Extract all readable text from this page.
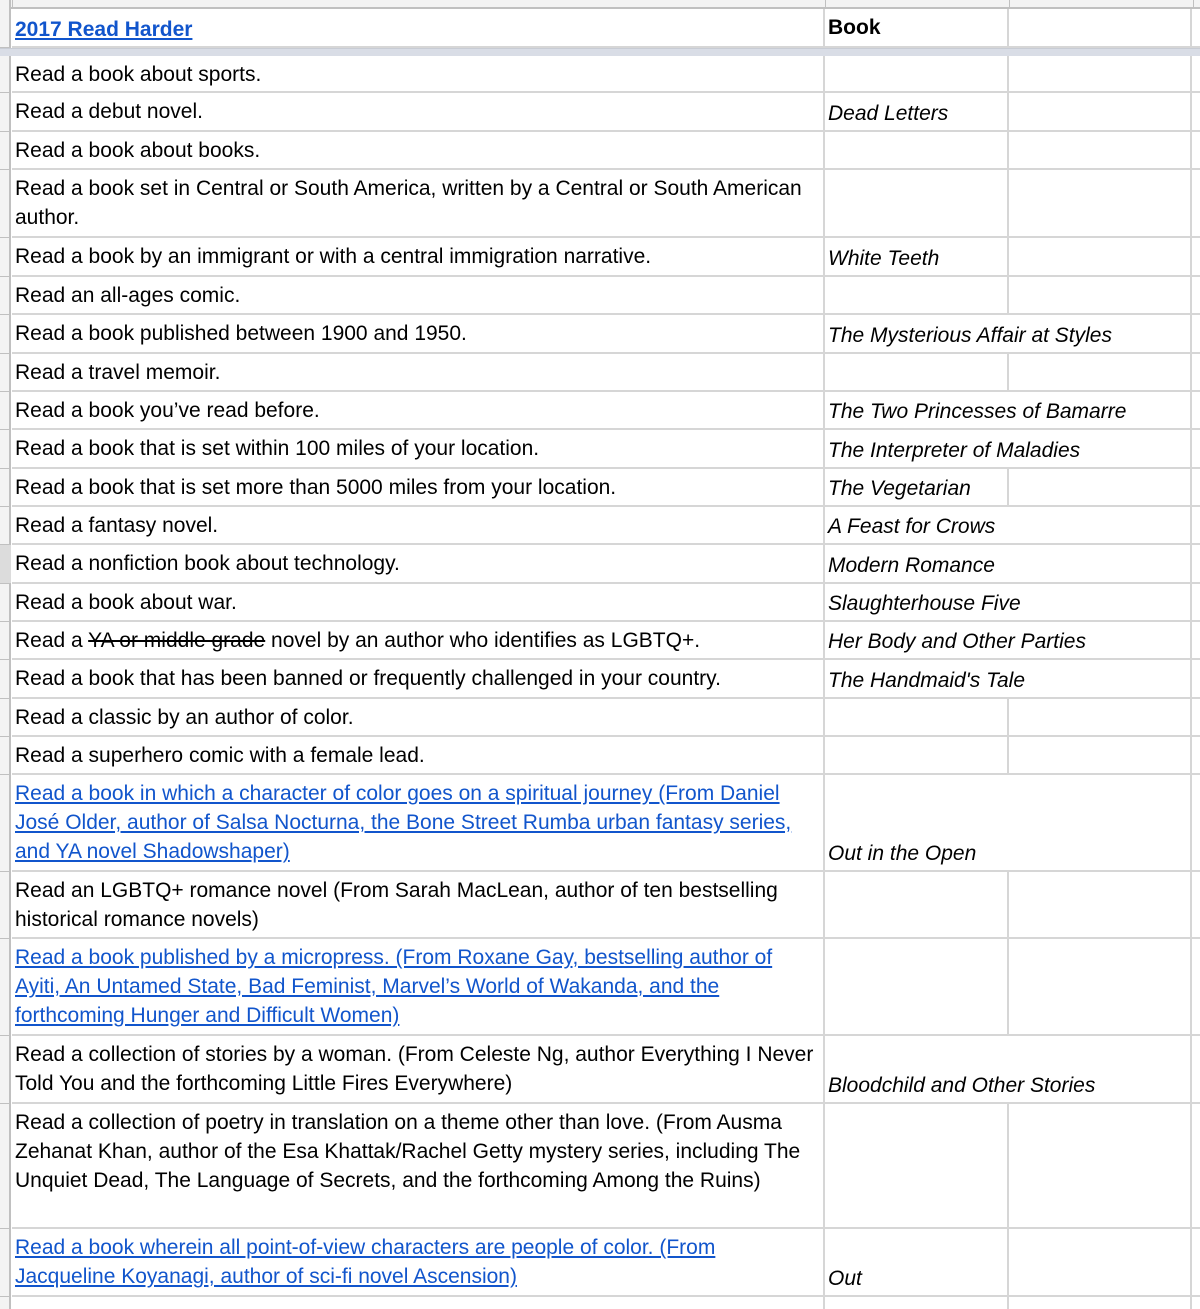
2017 Read Harder	Book
Read a book about sports.
Read a debut novel.	Dead Letters
Read a book about books.
Read a book set in Central or South America, written by a Central or South American author.
Read a book by an immigrant or with a central immigration narrative.	White Teeth
Read an all-ages comic.
Read a book published between 1900 and 1950.	The Mysterious Affair at Styles
Read a travel memoir.
Read a book you’ve read before.	The Two Princesses of Bamarre
Read a book that is set within 100 miles of your location.	The Interpreter of Maladies
Read a book that is set more than 5000 miles from your location.	The Vegetarian
Read a fantasy novel.	A Feast for Crows
Read a nonfiction book about technology.	Modern Romance
Read a book about war.	Slaughterhouse Five
Read a YA or middle grade novel by an author who identifies as LGBTQ+.	Her Body and Other Parties
Read a book that has been banned or frequently challenged in your country.	The Handmaid's Tale
Read a classic by an author of color.
Read a superhero comic with a female lead.
Read a book in which a character of color goes on a spiritual journey (From Daniel José Older, author of Salsa Nocturna, the Bone Street Rumba urban fantasy series, and YA novel Shadowshaper)	Out in the Open
Read an LGBTQ+ romance novel (From Sarah MacLean, author of ten bestselling historical romance novels)
Read a book published by a micropress. (From Roxane Gay, bestselling author of Ayiti, An Untamed State, Bad Feminist, Marvel’s World of Wakanda, and the forthcoming Hunger and Difficult Women)
Read a collection of stories by a woman. (From Celeste Ng, author Everything I Never Told You and the forthcoming Little Fires Everywhere)	Bloodchild and Other Stories
Read a collection of poetry in translation on a theme other than love. (From Ausma Zehanat Khan, author of the Esa Khattak/Rachel Getty mystery series, including The Unquiet Dead, The Language of Secrets, and the forthcoming Among the Ruins)
Read a book wherein all point-of-view characters are people of color. (From Jacqueline Koyanagi, author of sci-fi novel Ascension)	Out
